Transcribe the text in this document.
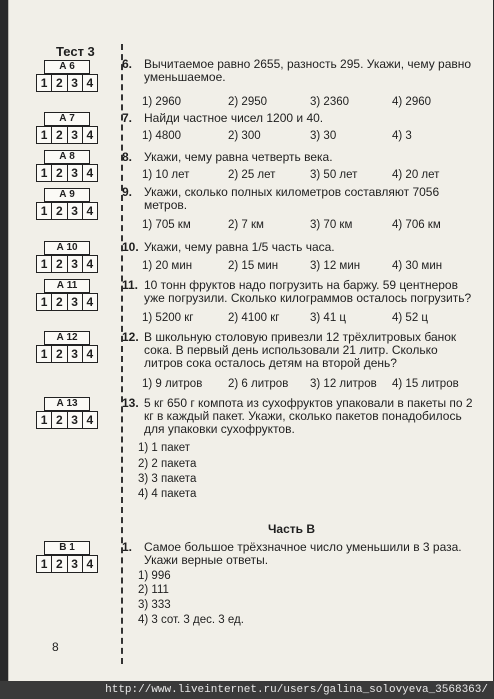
Тест 3
А 6
1 2 3 4
А 7
1 2 3 4
А 8
1 2 3 4
А 9
1 2 3 4
А 10
1 2 3 4
А 11
1 2 3 4
А 12
1 2 3 4
А 13
1 2 3 4
В 1
1 2 3 4
6. Вычитаемое равно 2655, разность 295. Укажи, чему равно уменьшаемое.
1) 2960	2) 2950	3) 2360	4) 2960
7. Найди частное чисел 1200 и 40.
1) 4800	2) 300	3) 30	4) 3
8. Укажи, чему равна четверть века.
1) 10 лет	2) 25 лет	3) 50 лет	4) 20 лет
9. Укажи, сколько полных километров составляют 7056 метров.
1) 705 км	2) 7 км	3) 70 км	4) 706 км
10. Укажи, чему равна 1/5 часть часа.
1) 20 мин	2) 15 мин	3) 12 мин	4) 30 мин
11. 10 тонн фруктов надо погрузить на баржу. 59 центнеров уже погрузили. Сколько килограммов осталось погрузить?
1) 5200 кг	2) 4100 кг	3) 41 ц	4) 52 ц
12. В школьную столовую привезли 12 трёхлитровых банок сока. В первый день использовали 21 литр. Сколько литров сока осталось детям на второй день?
1) 9 литров 2) 6 литров 3) 12 литров 4) 15 литров
13. 5 кг 650 г компота из сухофруктов упаковали в пакеты по 2 кг в каждый пакет. Укажи, сколько пакетов понадобилось для упаковки сухофруктов.
1) 1 пакет
2) 2 пакета
3) 3 пакета
4) 4 пакета
Часть В
1. Самое большое трёхзначное число уменьшили в 3 раза. Укажи верные ответы.
1) 996
2) 111
3) 333
4) 3 сот. 3 дес. 3 ед.
8
http://www.liveinternet.ru/users/galina_solovyeva_3568363/
